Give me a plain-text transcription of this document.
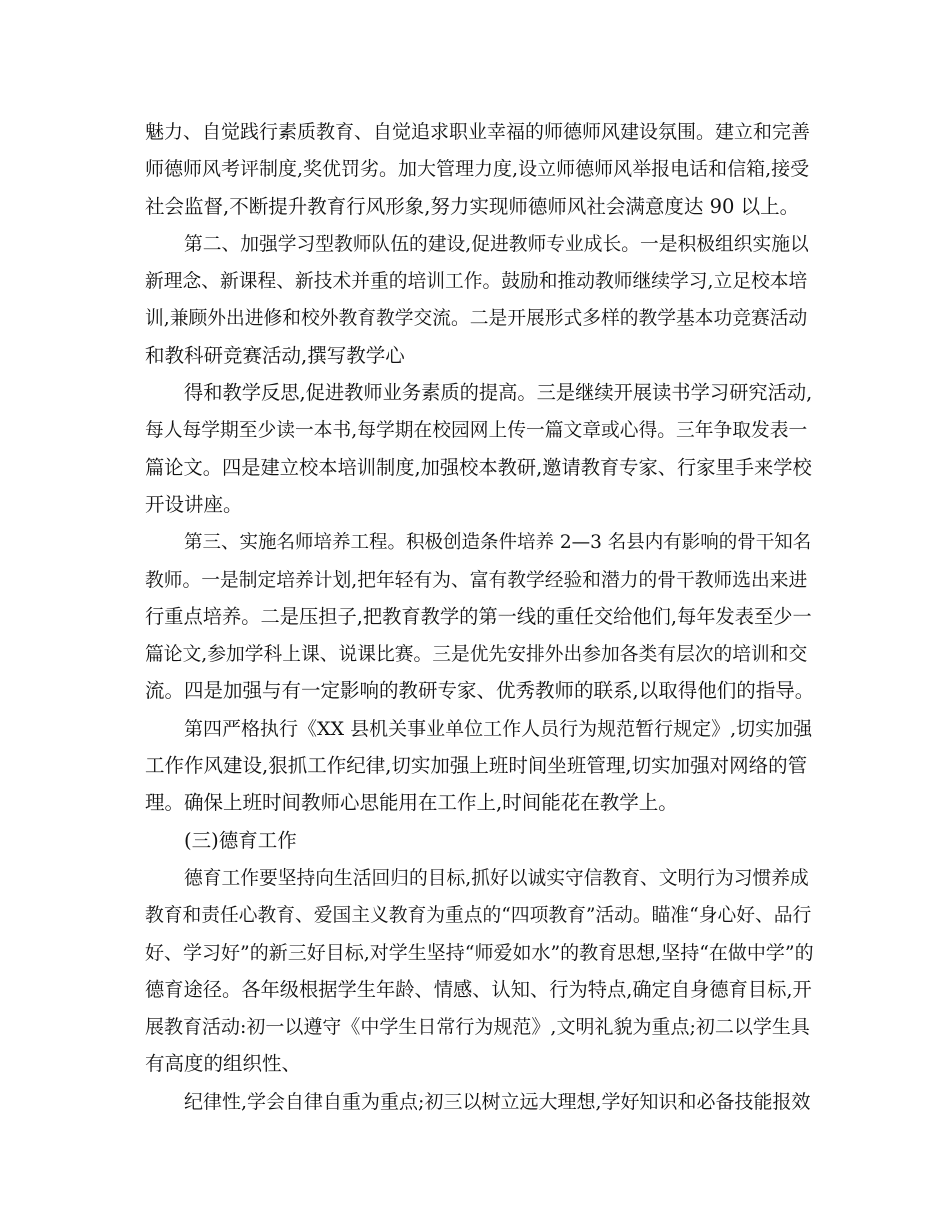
魅力、自觉践行素质教育、自觉追求职业幸福的师德师风建设氛围。建立和完善
师德师风考评制度,奖优罚劣。加大管理力度,设立师德师风举报电话和信箱,接受
社会监督,不断提升教育行风形象,努力实现师德师风社会满意度达 90 以上。
第二、加强学习型教师队伍的建设,促进教师专业成长。一是积极组织实施以
新理念、新课程、新技术并重的培训工作。鼓励和推动教师继续学习,立足校本培
训,兼顾外出进修和校外教育教学交流。二是开展形式多样的教学基本功竞赛活动
和教科研竞赛活动,撰写教学心
得和教学反思,促进教师业务素质的提高。三是继续开展读书学习研究活动,
每人每学期至少读一本书,每学期在校园网上传一篇文章或心得。三年争取发表一
篇论文。四是建立校本培训制度,加强校本教研,邀请教育专家、行家里手来学校
开设讲座。
第三、实施名师培养工程。积极创造条件培养 2—3 名县内有影响的骨干知名
教师。一是制定培养计划,把年轻有为、富有教学经验和潜力的骨干教师选出来进
行重点培养。二是压担子,把教育教学的第一线的重任交给他们,每年发表至少一
篇论文,参加学科上课、说课比赛。三是优先安排外出参加各类有层次的培训和交
流。四是加强与有一定影响的教研专家、优秀教师的联系,以取得他们的指导。
第四严格执行《XX 县机关事业单位工作人员行为规范暂行规定》,切实加强
工作作风建设,狠抓工作纪律,切实加强上班时间坐班管理,切实加强对网络的管
理。确保上班时间教师心思能用在工作上,时间能花在教学上。
(三)德育工作
德育工作要坚持向生活回归的目标,抓好以诚实守信教育、文明行为习惯养成
教育和责任心教育、爱国主义教育为重点的“四项教育”活动。瞄准“身心好、品行
好、学习好”的新三好目标,对学生坚持“师爱如水”的教育思想,坚持“在做中学”的
德育途径。各年级根据学生年龄、情感、认知、行为特点,确定自身德育目标,开
展教育活动:初一以遵守《中学生日常行为规范》,文明礼貌为重点;初二以学生具
有高度的组织性、
纪律性,学会自律自重为重点;初三以树立远大理想,学好知识和必备技能报效
